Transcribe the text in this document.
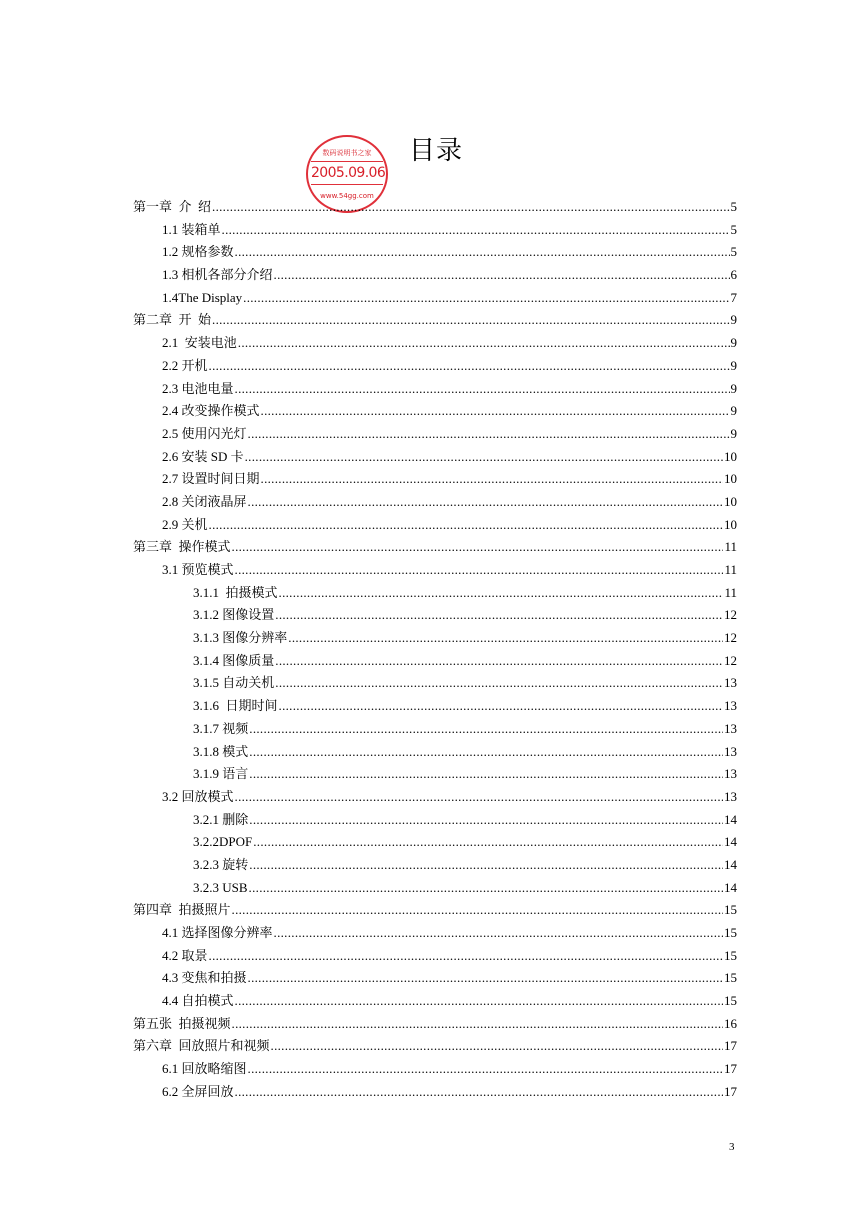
数码说明书之家
2005.09.06
www.54gg.com
目录
第一章  介  绍 .....	5
1.1 装箱单 .....	5
1.2 规格参数 .....	5
1.3 相机各部分介绍 .....	6
1.4The Display .....	7
第二章  开  始 .....	9
2.1  安装电池 .....	9
2.2 开机 .....	9
2.3 电池电量 .....	9
2.4 改变操作模式 .....	9
2.5 使用闪光灯 .....	9
2.6 安装 SD 卡 .....	10
2.7 设置时间日期 .....	10
2.8 关闭液晶屏 .....	10
2.9 关机 .....	10
第三章  操作模式 .....	11
3.1 预览模式 .....	11
3.1.1  拍摄模式 .....	11
3.1.2 图像设置 .....	12
3.1.3 图像分辨率 .....	12
3.1.4 图像质量 .....	12
3.1.5 自动关机 .....	13
3.1.6  日期时间 .....	13
3.1.7 视频 .....	13
3.1.8 模式 .....	13
3.1.9 语言 .....	13
3.2 回放模式 .....	13
3.2.1 删除 .....	14
3.2.2DPOF .....	14
3.2.3 旋转 .....	14
3.2.3 USB .....	14
第四章  拍摄照片 .....	15
4.1 选择图像分辨率 .....	15
4.2 取景 .....	15
4.3 变焦和拍摄 .....	15
4.4 自拍模式 .....	15
第五张  拍摄视频 .....	16
第六章  回放照片和视频 .....	17
6.1 回放略缩图 .....	17
6.2 全屏回放 .....	17
3
